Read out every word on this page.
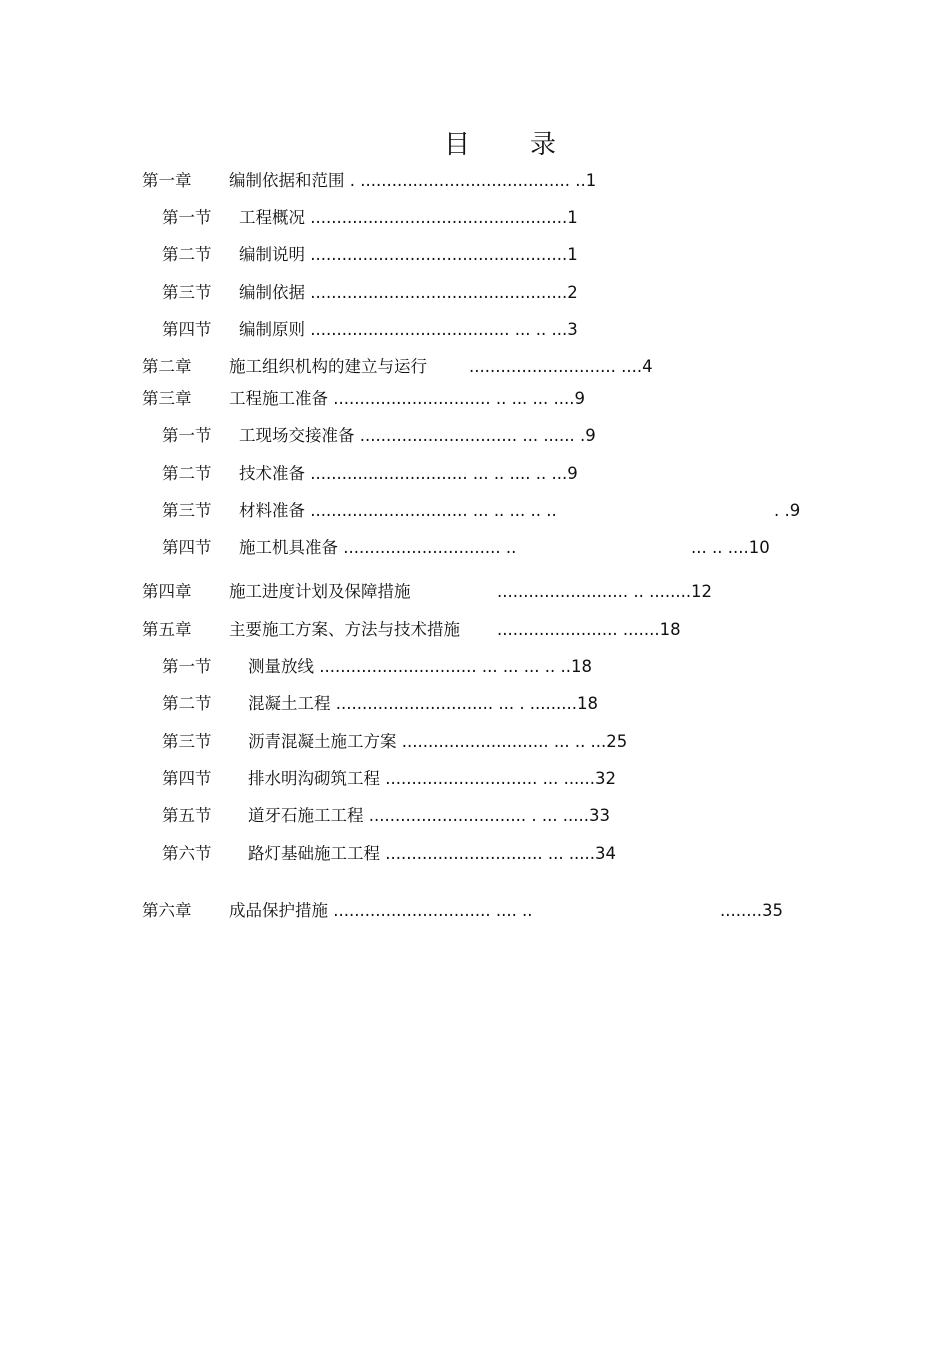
目 录
第一章 编制依据和范围 . ........................................ ..1
第一节 工程概况 .................................................1
第二节 编制说明 .................................................1
第三节 编制依据 .................................................2
第四节 编制原则 ...................................... ... .. ...3
第二章 施工组织机构的建立与运行	............................ ....4
第三章 工程施工准备 .............................. .. ... ... ....9
第一节 工现场交接准备 .............................. ... ...... .9
第二节 技术准备 .............................. ... .. .... .. ...9
第三节 材料准备 .............................. ... .. ... .. ..	. .9
第四节 施工机具准备 .............................. ..	... .. ....10
第四章 施工进度计划及保障措施	......................... .. ........12
第五章 主要施工方案、方法与技术措施 ....................... .......18
第一节 测量放线 .............................. ... ... ... .. ..18
第二节 混凝土工程 .............................. ... . .........18
第三节 沥青混凝土施工方案 ............................ ... .. ...25
第四节 排水明沟砌筑工程 ............................. ... ......32
第五节 道牙石施工工程 .............................. . ... .....33
第六节 路灯基础施工工程 .............................. ... .....34
第六章 成品保护措施 .............................. .... ..	........35
